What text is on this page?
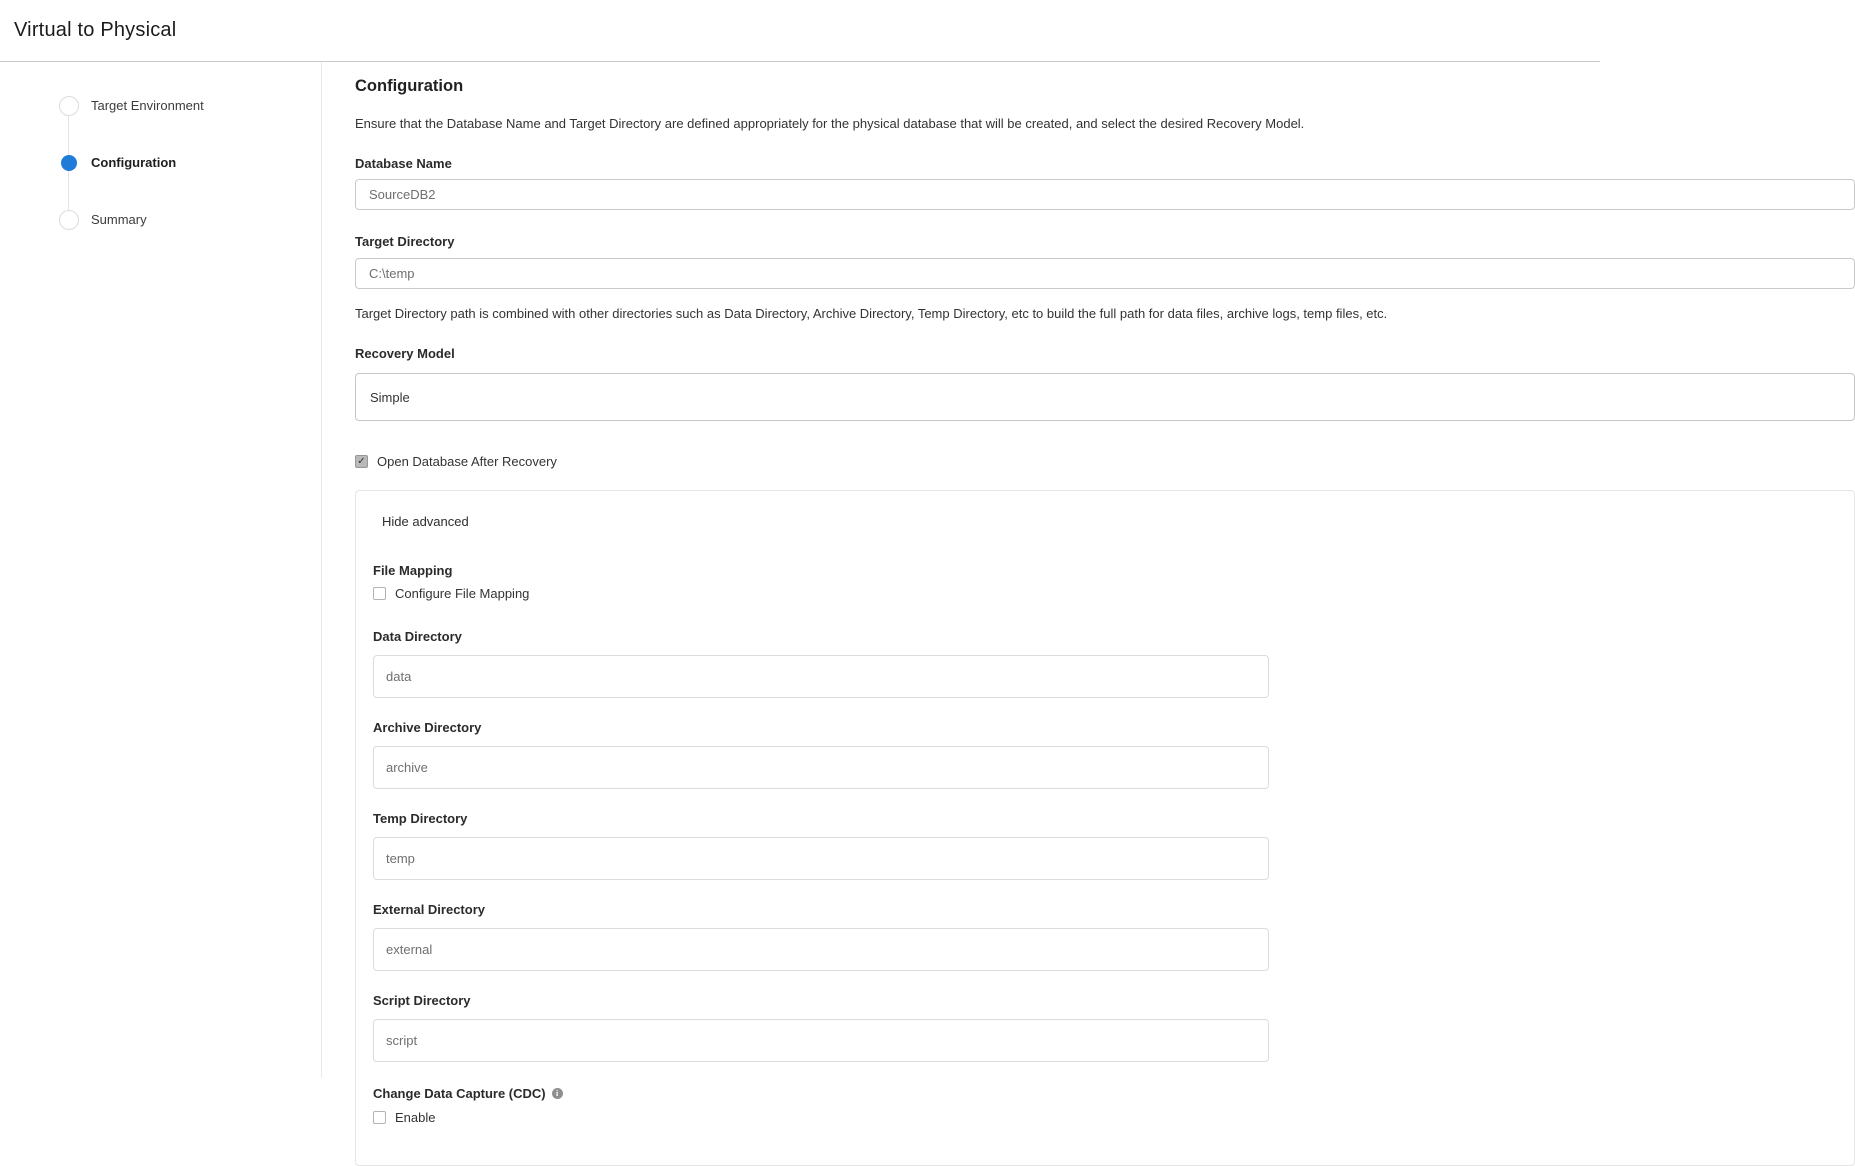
Virtual to Physical
Target Environment
Configuration
Summary
Configuration
Ensure that the Database Name and Target Directory are defined appropriately for the physical database that will be created, and select the desired Recovery Model.
Database Name
SourceDB2
Target Directory
C:\temp
Target Directory path is combined with other directories such as Data Directory, Archive Directory, Temp Directory, etc to build the full path for data files, archive logs, temp files, etc.
Recovery Model
Simple
✓
Open Database After Recovery
Hide advanced
File Mapping
Configure File Mapping
Data Directory
data
Archive Directory
archive
Temp Directory
temp
External Directory
external
Script Directory
script
Change Data Capture (CDC)	i
Enable
